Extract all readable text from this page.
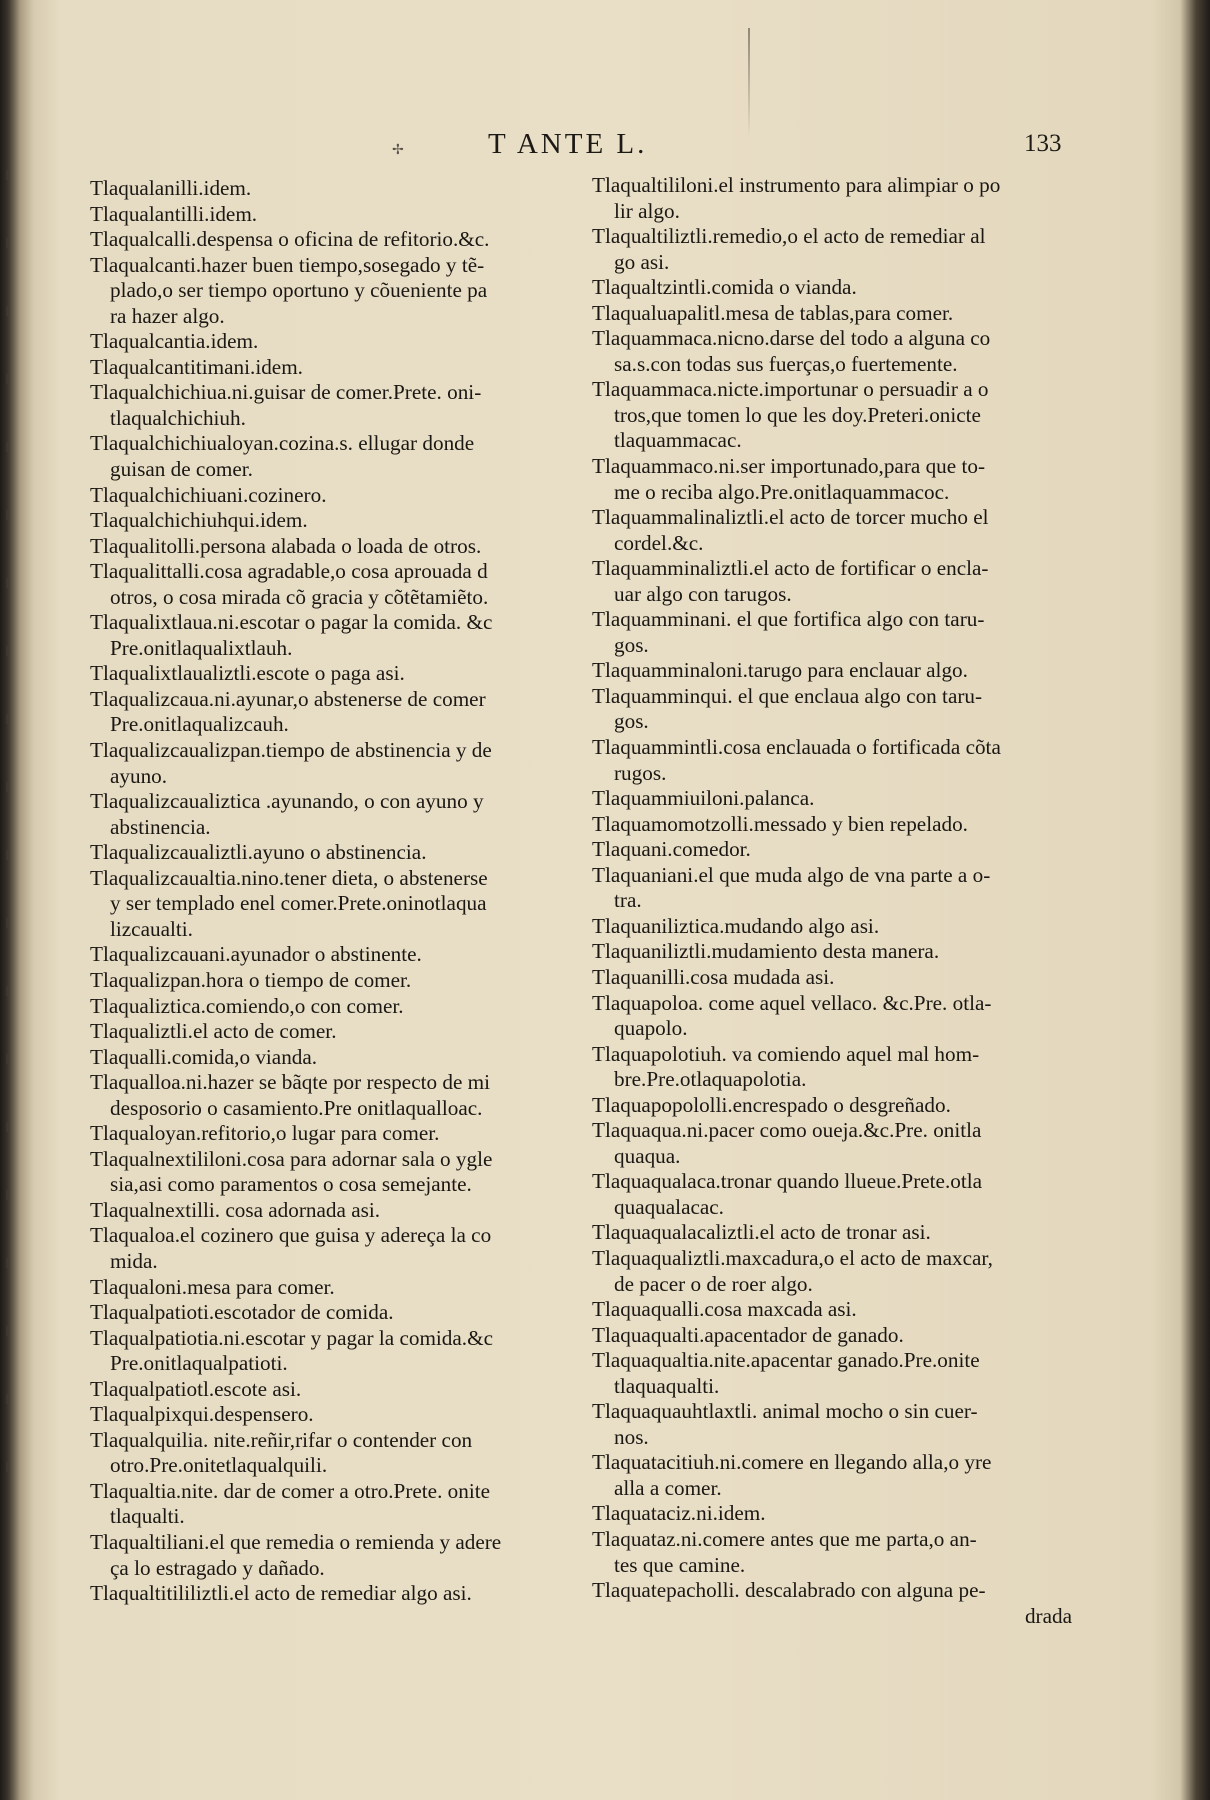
✢	T ANTE L.	133
Tlaqualanilli.idem.
Tlaqualantilli.idem.
Tlaqualcalli.despensa o oficina de refitorio.&c.
Tlaqualcanti.hazer buen tiempo,sosegado y tẽ-
plado,o ser tiempo oportuno y cõueniente pa
ra hazer algo.
Tlaqualcantia.idem.
Tlaqualcantitimani.idem.
Tlaqualchichiua.ni.guisar de comer.Prete. oni-
tlaqualchichiuh.
Tlaqualchichiualoyan.cozina.s. ellugar donde
guisan de comer.
Tlaqualchichiuani.cozinero.
Tlaqualchichiuhqui.idem.
Tlaqualitolli.persona alabada o loada de otros.
Tlaqualittalli.cosa agradable,o cosa aprouada d
otros, o cosa mirada cõ gracia y cõtẽtamiẽto.
Tlaqualixtlaua.ni.escotar o pagar la comida. &c
Pre.onitlaqualixtlauh.
Tlaqualixtlaualiztli.escote o paga asi.
Tlaqualizcaua.ni.ayunar,o abstenerse de comer
Pre.onitlaqualizcauh.
Tlaqualizcaualizpan.tiempo de abstinencia y de
ayuno.
Tlaqualizcaualiztica .ayunando, o con ayuno y
abstinencia.
Tlaqualizcaualiztli.ayuno o abstinencia.
Tlaqualizcaualtia.nino.tener dieta, o abstenerse
y ser templado enel comer.Prete.oninotlaqua
lizcaualti.
Tlaqualizcauani.ayunador o abstinente.
Tlaqualizpan.hora o tiempo de comer.
Tlaqualiztica.comiendo,o con comer.
Tlaqualiztli.el acto de comer.
Tlaqualli.comida,o vianda.
Tlaqualloa.ni.hazer se bãqte por respecto de mi
desposorio o casamiento.Pre onitlaqualloac.
Tlaqualoyan.refitorio,o lugar para comer.
Tlaqualnextililoni.cosa para adornar sala o ygle
sia,asi como paramentos o cosa semejante.
Tlaqualnextilli. cosa adornada asi.
Tlaqualoa.el cozinero que guisa y adereça la co
mida.
Tlaqualoni.mesa para comer.
Tlaqualpatioti.escotador de comida.
Tlaqualpatiotia.ni.escotar y pagar la comida.&c
Pre.onitlaqualpatioti.
Tlaqualpatiotl.escote asi.
Tlaqualpixqui.despensero.
Tlaqualquilia. nite.reñir,rifar o contender con
otro.Pre.onitetlaqualquili.
Tlaqualtia.nite. dar de comer a otro.Prete. onite
tlaqualti.
Tlaqualtiliani.el que remedia o remienda y adere
ça lo estragado y dañado.
Tlaqualtitililiztli.el acto de remediar algo asi.
Tlaqualtililoni.el instrumento para alimpiar o po
lir algo.
Tlaqualtiliztli.remedio,o el acto de remediar al
go asi.
Tlaqualtzintli.comida o vianda.
Tlaqualuapalitl.mesa de tablas,para comer.
Tlaquammaca.nicno.darse del todo a alguna co
sa.s.con todas sus fuerças,o fuertemente.
Tlaquammaca.nicte.importunar o persuadir a o
tros,que tomen lo que les doy.Preteri.onicte
tlaquammacac.
Tlaquammaco.ni.ser importunado,para que to-
me o reciba algo.Pre.onitlaquammacoc.
Tlaquammalinaliztli.el acto de torcer mucho el
cordel.&c.
Tlaquamminaliztli.el acto de fortificar o encla-
uar algo con tarugos.
Tlaquamminani. el que fortifica algo con taru-
gos.
Tlaquamminaloni.tarugo para enclauar algo.
Tlaquamminqui. el que enclaua algo con taru-
gos.
Tlaquammintli.cosa enclauada o fortificada cõta
rugos.
Tlaquammiuiloni.palanca.
Tlaquamomotzolli.messado y bien repelado.
Tlaquani.comedor.
Tlaquaniani.el que muda algo de vna parte a o-
tra.
Tlaquaniliztica.mudando algo asi.
Tlaquaniliztli.mudamiento desta manera.
Tlaquanilli.cosa mudada asi.
Tlaquapoloa. come aquel vellaco. &c.Pre. otla-
quapolo.
Tlaquapolotiuh. va comiendo aquel mal hom-
bre.Pre.otlaquapolotia.
Tlaquapopololli.encrespado o desgreñado.
Tlaquaqua.ni.pacer como oueja.&c.Pre. onitla
quaqua.
Tlaquaqualaca.tronar quando llueue.Prete.otla
quaqualacac.
Tlaquaqualacaliztli.el acto de tronar asi.
Tlaquaqualiztli.maxcadura,o el acto de maxcar,
de pacer o de roer algo.
Tlaquaqualli.cosa maxcada asi.
Tlaquaqualti.apacentador de ganado.
Tlaquaqualtia.nite.apacentar ganado.Pre.onite
tlaquaqualti.
Tlaquaquauhtlaxtli. animal mocho o sin cuer-
nos.
Tlaquatacitiuh.ni.comere en llegando alla,o yre
alla a comer.
Tlaquataciz.ni.idem.
Tlaquataz.ni.comere antes que me parta,o an-
tes que camine.
Tlaquatepacholli. descalabrado con alguna pe-
drada
